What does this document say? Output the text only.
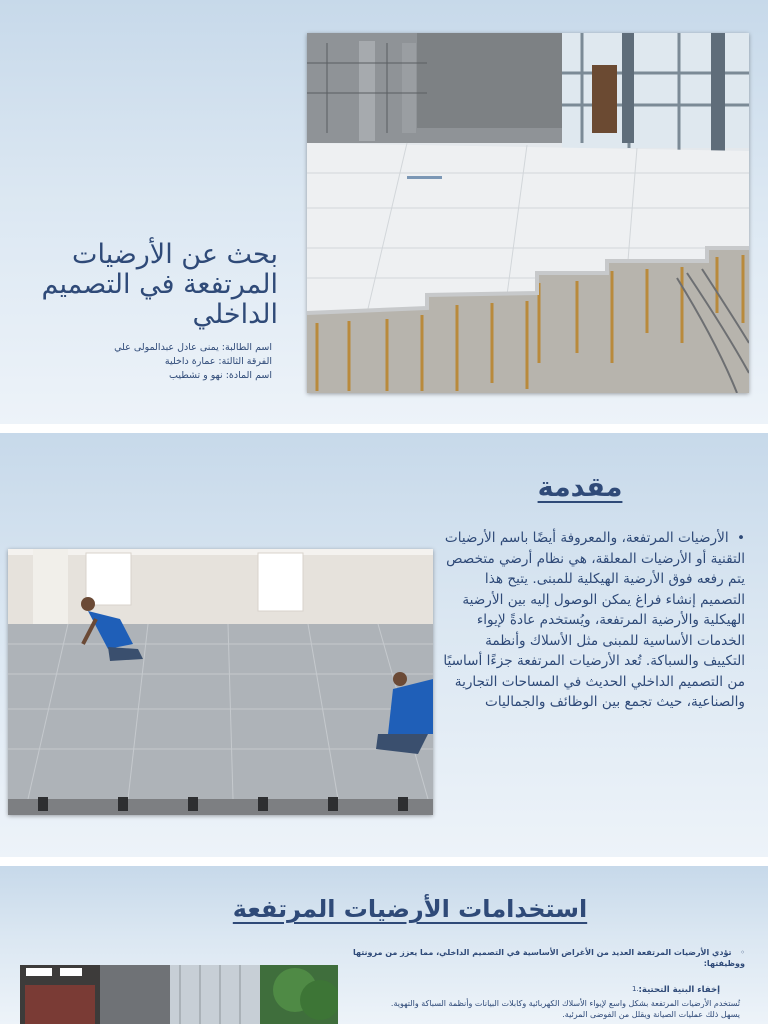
بحث عن الأرضيات المرتفعة في التصميم الداخلي
اسم الطالبة: يمنى عادل عبدالمولى علي
الفرقة الثالثة: عمارة داخلية
اسم المادة: نهو و تشطيب
مقدمة
• الأرضيات المرتفعة، والمعروفة أيضًا باسم الأرضيات التقنية أو الأرضيات المعلقة، هي نظام أرضي متخصص يتم رفعه فوق الأرضية الهيكلية للمبنى. يتيح هذا التصميم إنشاء فراغ يمكن الوصول إليه بين الأرضية الهيكلية والأرضية المرتفعة، ويُستخدم عادةً لإيواء الخدمات الأساسية للمبنى مثل الأسلاك وأنظمة التكييف والسباكة. تُعد الأرضيات المرتفعة جزءًا أساسيًا من التصميم الداخلي الحديث في المساحات التجارية والصناعية، حيث تجمع بين الوظائف والجماليات
استخدامات الأرضيات المرتفعة
◦ تؤدي الأرضيات المرتفعة العديد من الأغراض الأساسية في التصميم الداخلي، مما يعزز من مرونتها ووظيفتها:
إخفاء البنية التحتية:
1.
تُستخدم الأرضيات المرتفعة بشكل واسع لإيواء الأسلاك الكهربائية وكابلات البيانات وأنظمة السباكة والتهوية. يسهل ذلك عمليات الصيانة ويقلل من الفوضى المرئية.
